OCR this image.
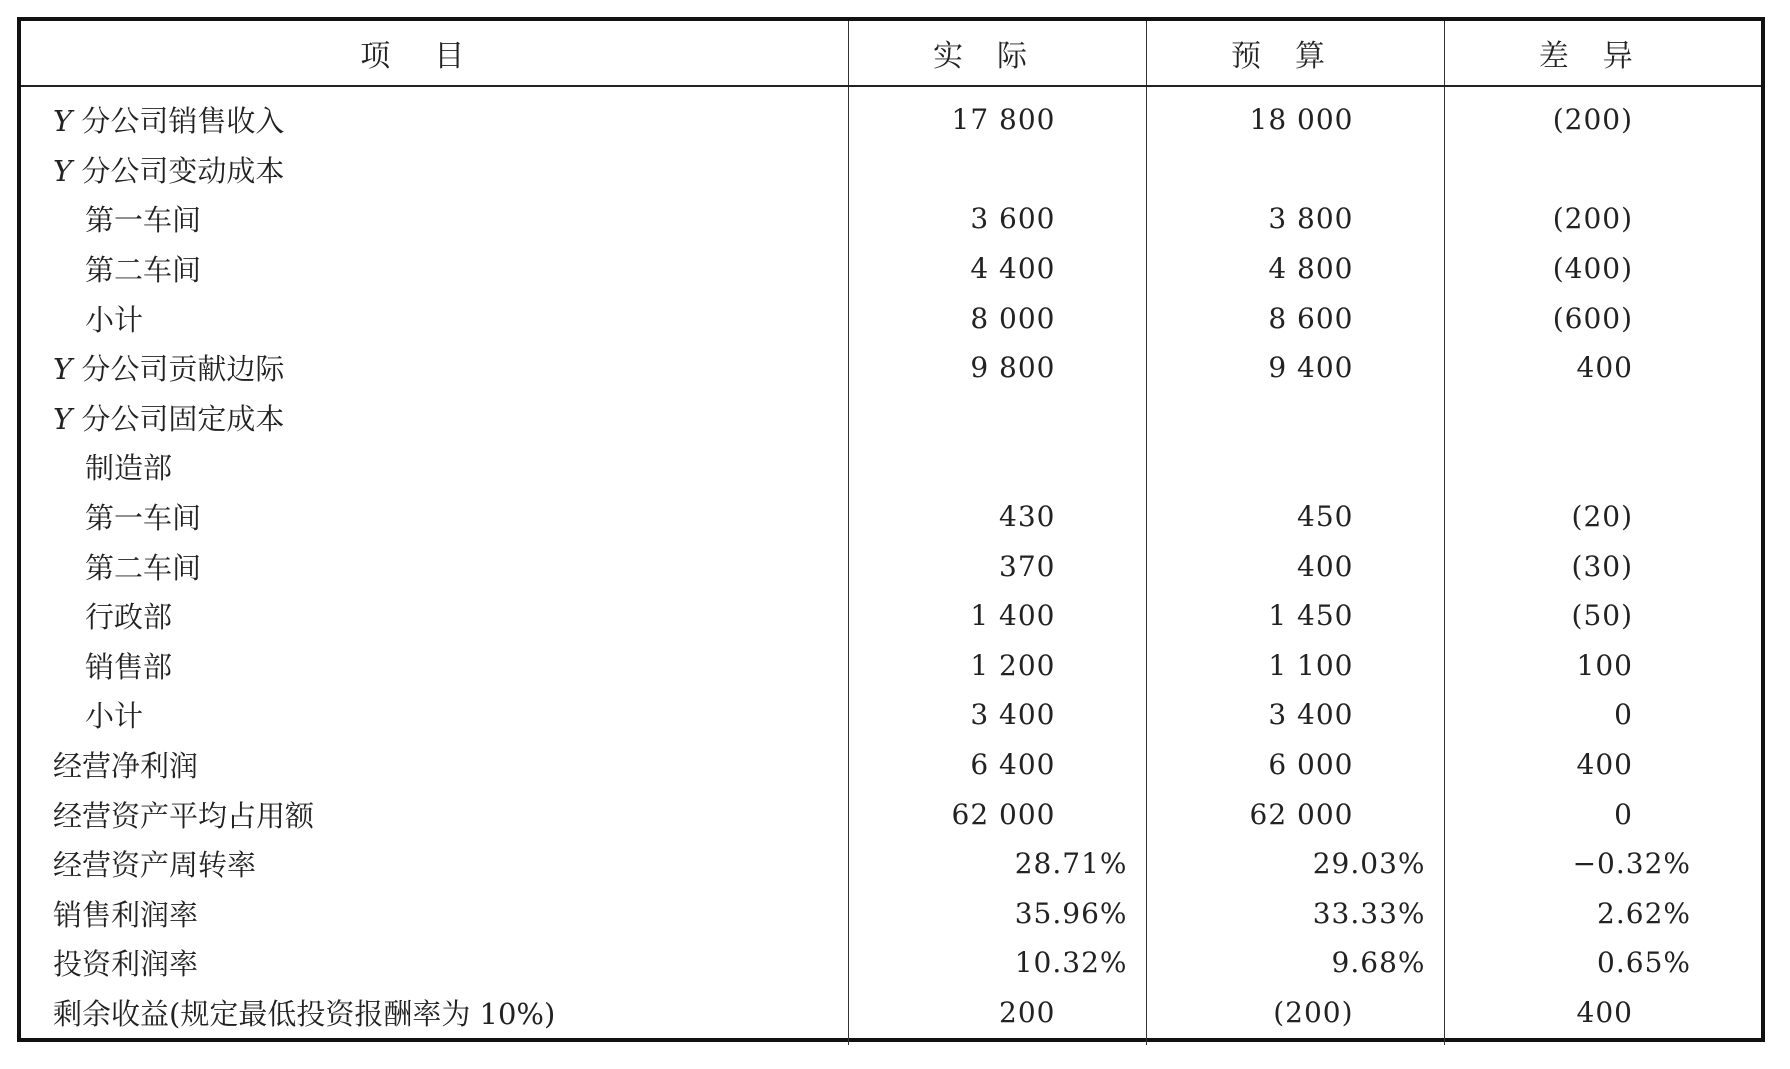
项目	实际	预算	差异
Y 分公司销售收入	17 800	18 000	(200)
Y 分公司变动成本			
第一车间	3 600	3 800	(200)
第二车间	4 400	4 800	(400)
小计	8 000	8 600	(600)
Y 分公司贡献边际	9 800	9 400	400
Y 分公司固定成本			
制造部			
第一车间	430	450	(20)
第二车间	370	400	(30)
行政部	1 400	1 450	(50)
销售部	1 200	1 100	100
小计	3 400	3 400	0
经营净利润	6 400	6 000	400
经营资产平均占用额	62 000	62 000	0
经营资产周转率	28.71%	29.03%	−0.32%
销售利润率	35.96%	33.33%	2.62%
投资利润率	10.32%	9.68%	0.65%
剩余收益(规定最低投资报酬率为 10%)	200	(200)	400
